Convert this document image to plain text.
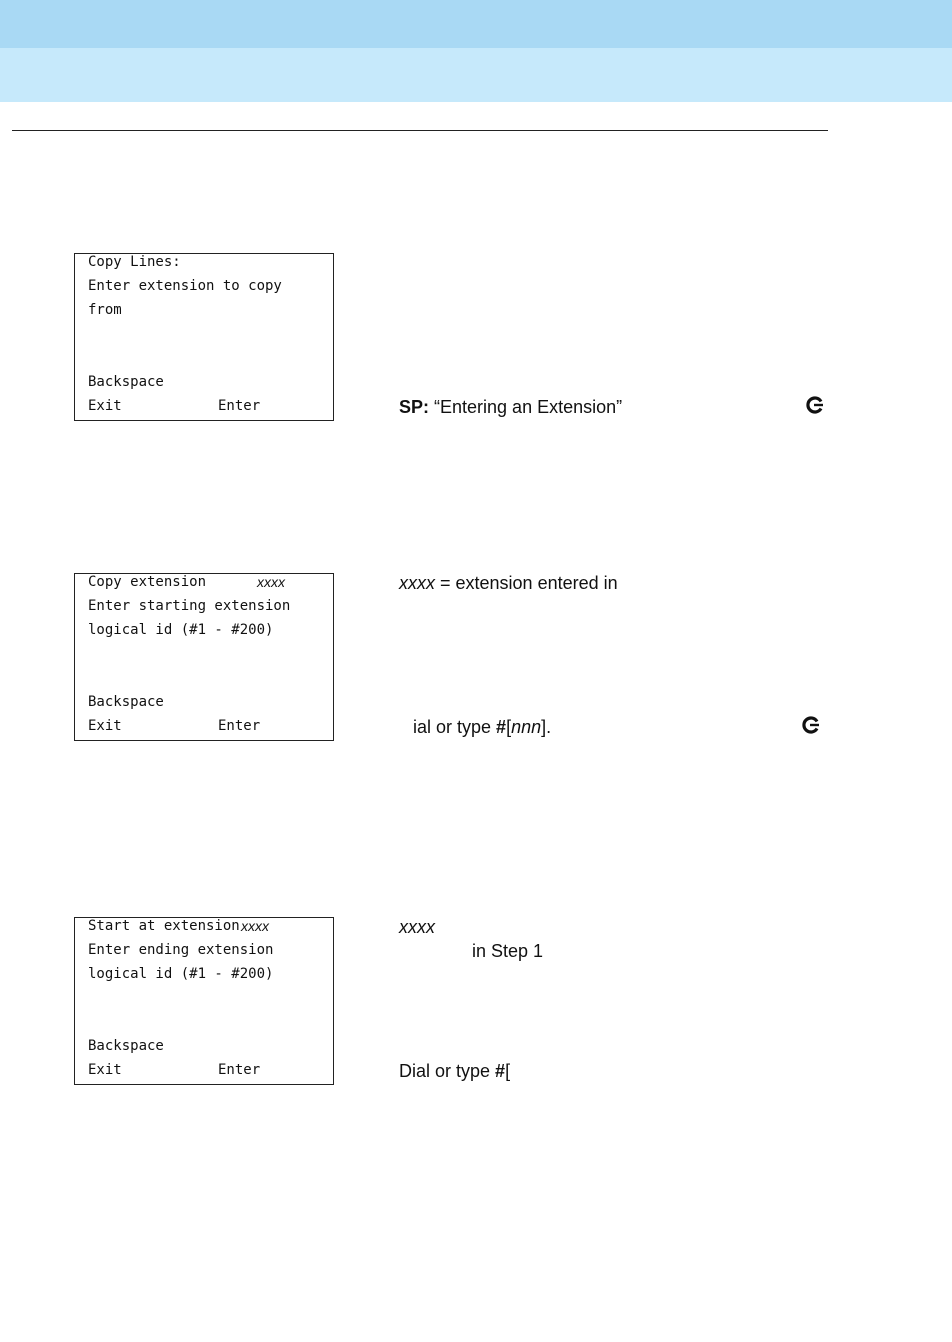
Copy Lines:
Enter extension to copy
from
Backspace
Exit	Enter
Copy extension	xxxx
Enter starting extension
logical id (#1 - #200)
Backspace
Exit	Enter
Start at extension xxxx
Enter ending extension
logical id (#1 - #200)
Backspace
Exit	Enter
SP: “Entering an Extension”
xxxx = extension entered in
ial or type #[nnn].
xxxx
in Step 1
Dial or type #[
